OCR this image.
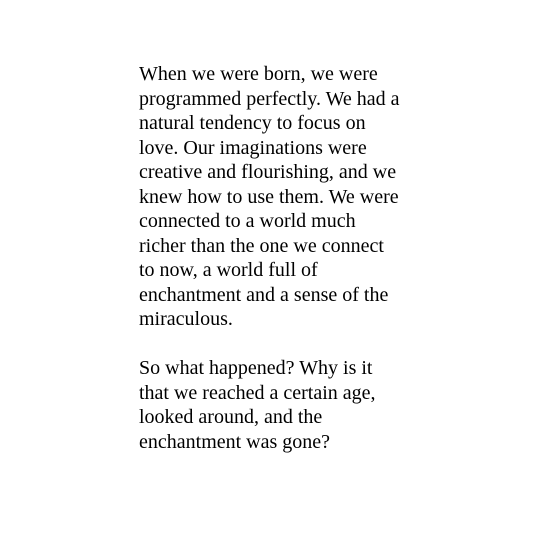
When we were born, we were
programmed perfectly. We had a
natural tendency to focus on
love. Our imaginations were
creative and flourishing, and we
knew how to use them. We were
connected to a world much
richer than the one we connect
to now, a world full of
enchantment and a sense of the
miraculous.
So what happened? Why is it
that we reached a certain age,
looked around, and the
enchantment was gone?
